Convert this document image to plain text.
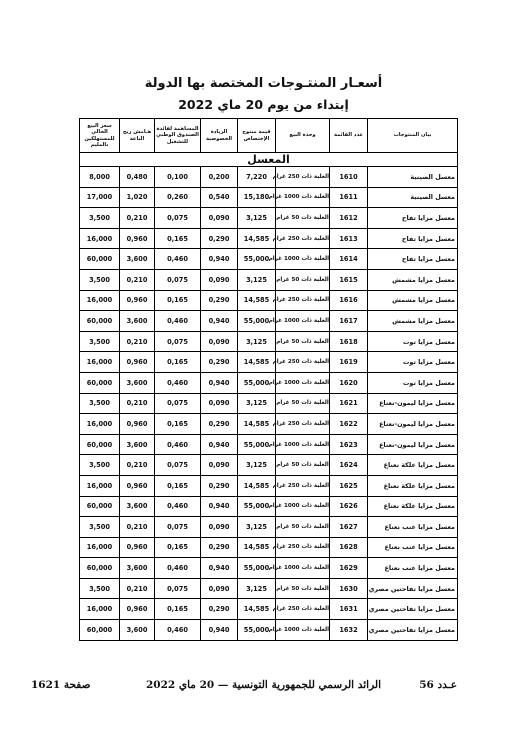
أسعـار المنتـوجات المختصة بها الدولة
إبتداء من يوم 20 ماي 2022
بيان المنتوجات	عدد القائمة	وحدة البيع	قيمة منتوج الإختصاص	الزيادة الخصوصية	المساهمة لفائدة الصندوق الوطني للتشغيل	هـامش ربح الباعة	سعر البيع الحالي للمستهلكين بالمليم
المعسل							
معسل الصينية	1610	العلبة ذات 250 غرام	7,220	0,200	0,100	0,480	8,000
معسل الصينية	1611	العلبة ذات 1000 غرام	15,180	0,540	0,260	1,020	17,000
معسل مزايا تفاح	1612	العلبة ذات 50 غرام	3,125	0,090	0,075	0,210	3,500
معسل مزايا تفاح	1613	العلبة ذات 250 غرام	14,585	0,290	0,165	0,960	16,000
معسل مزايا تفاح	1614	العلبة ذات 1000 غرام	55,000	0,940	0,460	3,600	60,000
معسل مزايا مشمش	1615	العلبة ذات 50 غرام	3,125	0,090	0,075	0,210	3,500
معسل مزايا مشمش	1616	العلبة ذات 250 غرام	14,585	0,290	0,165	0,960	16,000
معسل مزايا مشمش	1617	العلبة ذات 1000 غرام	55,000	0,940	0,460	3,600	60,000
معسل مزايا توت	1618	العلبة ذات 50 غرام	3,125	0,090	0,075	0,210	3,500
معسل مزايا توت	1619	العلبة ذات 250 غرام	14,585	0,290	0,165	0,960	16,000
معسل مزايا توت	1620	العلبة ذات 1000 غرام	55,000	0,940	0,460	3,600	60,000
معسل مزايا ليمون-نعناع	1621	العلبة ذات 50 غرام	3,125	0,090	0,075	0,210	3,500
معسل مزايا ليمون-نعناع	1622	العلبة ذات 250 غرام	14,585	0,290	0,165	0,960	16,000
معسل مزايا ليمون-نعناع	1623	العلبة ذات 1000 غرام	55,000	0,940	0,460	3,600	60,000
معسل مزايا علكة نعناع	1624	العلبة ذات 50 غرام	3,125	0,090	0,075	0,210	3,500
معسل مزايا علكة نعناع	1625	العلبة ذات 250 غرام	14,585	0,290	0,165	0,960	16,000
معسل مزايا علكة نعناع	1626	العلبة ذات 1000 غرام	55,000	0,940	0,460	3,600	60,000
معسل مزايا عنب نعناع	1627	العلبة ذات 50 غرام	3,125	0,090	0,075	0,210	3,500
معسل مزايا عنب نعناع	1628	العلبة ذات 250 غرام	14,585	0,290	0,165	0,960	16,000
معسل مزايا عنب نعناع	1629	العلبة ذات 1000 غرام	55,000	0,940	0,460	3,600	60,000
معسل مزايا تفاحتين مصري	1630	العلبة ذات 50 غرام	3,125	0,090	0,075	0,210	3,500
معسل مزايا تفاحتين مصري	1631	العلبة ذات 250 غرام	14,585	0,290	0,165	0,960	16,000
معسل مزايا تفاحتين مصري	1632	العلبة ذات 1000 غرام	55,000	0,940	0,460	3,600	60,000
عـدد 56
الرائد الرسمي للجمهورية التونسية — 20 ماي 2022
صفحة 1621
